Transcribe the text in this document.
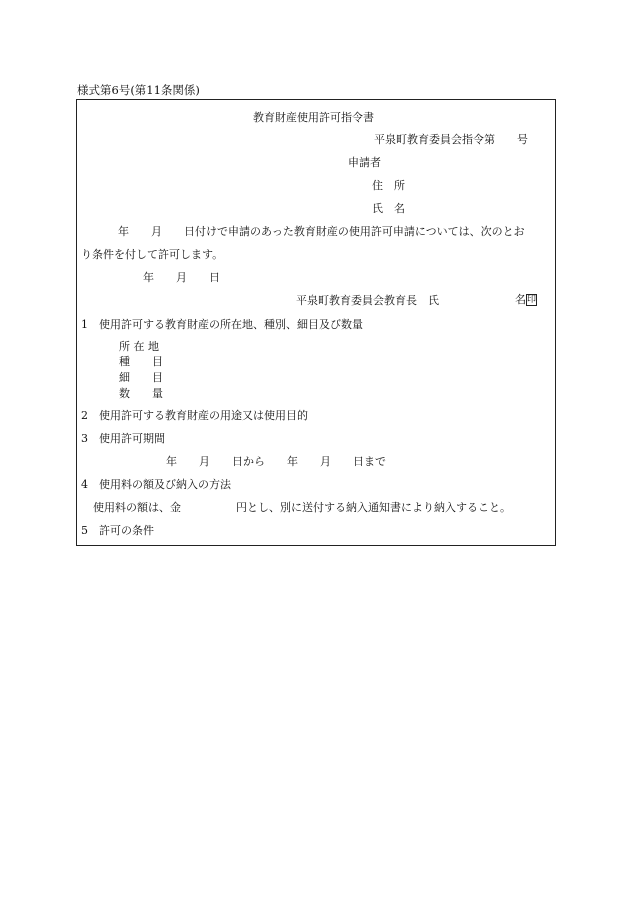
様式第6号(第11条関係)
教育財産使用許可指令書
平泉町教育委員会指令第　　号
申請者
住　所
氏　名
年　　月　　日付けで申請のあった教育財産の使用許可申請については、次のとお
り条件を付して許可します。
年　　月　　日
平泉町教育委員会教育長　氏	名印
1　使用許可する教育財産の所在地、種別、細目及び数量
所 在 地
種　　目
細　　目
数　　量
2　使用許可する教育財産の用途又は使用目的
3　使用許可期間
年　　月　　日から　　年　　月　　日まで
4　使用料の額及び納入の方法
使用料の額は、金　　　　　円とし、別に送付する納入通知書により納入すること。
5　許可の条件
